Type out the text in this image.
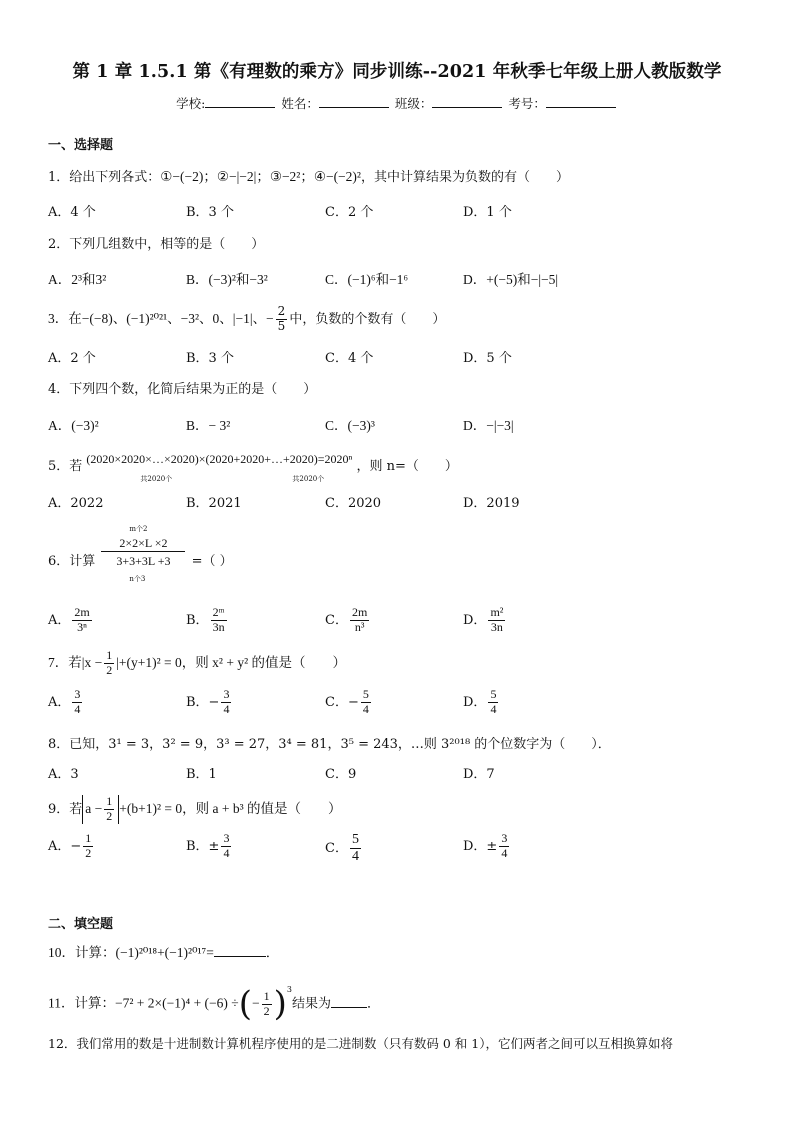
第 1 章 1.5.1 第《有理数的乘方》同步训练--2021 年秋季七年级上册人教版数学
学校:	姓名：	班级：	考号：
一、选择题
1．给出下列各式：①−(−2)；②−|−2|；③−2²；④−(−2)²，其中计算结果为负数的有（　　）
A．4 个	B．3 个	C．2 个	D．1 个
2．下列几组数中，相等的是（　　）
A．2³和3²	B．(−3)²和−3²	C．(−1)⁶和−1⁶	D．+(−5)和−|−5|
3．在−(−8)、(−1)²⁰²¹、−3²、0、|−1|、− $\frac{2}{5}$ 中，负数的个数有（　　）
A．2 个	B．3 个	C．4 个	D．5 个
4．下列四个数，化简后结果为正的是（　　）
A．(−3)²	B．− 3²	C．(−3)³	D．−|−3|
5．若 (2020×2020×…×2020)×(2020+2020+…+2020)=2020ⁿ
共2020个	共2020个
，则 n=（　　）
A．2022	B．2021	C．2020	D．2019
6．计算
m个2
2×2×L ×2
3+3+3L +3
n个3
=（ ）
A． $\frac{2m}{\text{3ⁿ}}$	B． $\frac{\text{2ᵐ}}{3n}$	C． $\frac{2m}{\text{n³}}$	D． $\frac{\text{m²}}{3n}$
7．若$|x - \frac{1}{2} |+(y+1)^2 = 0$，则 x² + y² 的值是（　　）
A． $\frac{3}{4}$	B．− $\frac{3}{4}$	C．− $\frac{5}{4}$	D． $\frac{5}{4}$
8．已知，3¹ = 3，3² = 9，3³ = 27，3⁴ = 81，3⁵ = 243，…则 3²⁰¹⁸ 的个位数字为（　　）．
A．3	B．1	C．9	D．7
9．若 $a - \frac{1}{2} +(b+1)^2 = 0$，则 a + b³ 的值是（　　）
A．− $\frac{1}{2}$	B．± $\frac{3}{4}$	C． $\frac{5}{4}$	D．± $\frac{3}{4}$
二、填空题
10．计算：(−1)²⁰¹⁸+(−1)²⁰¹⁷=	．
11．计算：−7² + 2×(−1)⁴ + (−6) ÷(− $\frac{1}{2} )^3$结果为	．
12．我们常用的数是十进制数计算机程序使用的是二进制数（只有数码 0 和 1），它们两者之间可以互相换算如将
